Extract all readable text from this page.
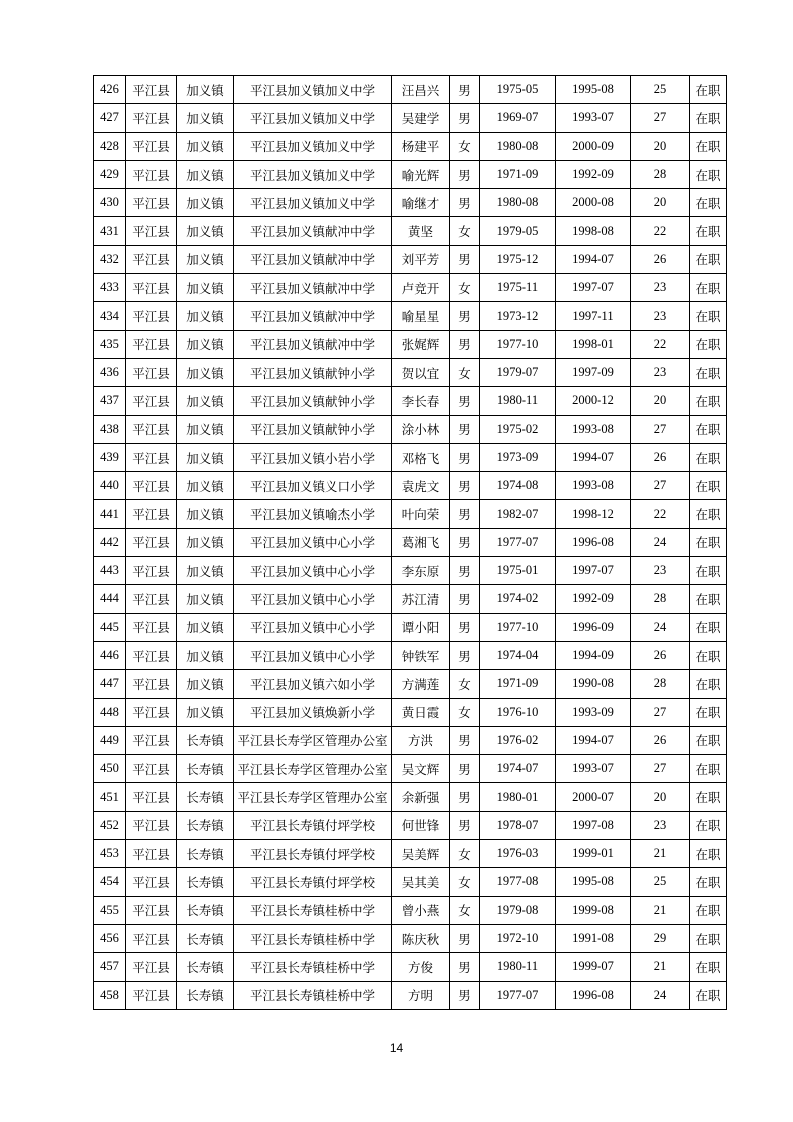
426	平江县	加义镇	平江县加义镇加义中学	汪昌兴	男	1975-05	1995-08	25	在职
427	平江县	加义镇	平江县加义镇加义中学	吴建学	男	1969-07	1993-07	27	在职
428	平江县	加义镇	平江县加义镇加义中学	杨建平	女	1980-08	2000-09	20	在职
429	平江县	加义镇	平江县加义镇加义中学	喻光辉	男	1971-09	1992-09	28	在职
430	平江县	加义镇	平江县加义镇加义中学	喻继才	男	1980-08	2000-08	20	在职
431	平江县	加义镇	平江县加义镇献冲中学	黄坚	女	1979-05	1998-08	22	在职
432	平江县	加义镇	平江县加义镇献冲中学	刘平芳	男	1975-12	1994-07	26	在职
433	平江县	加义镇	平江县加义镇献冲中学	卢竞开	女	1975-11	1997-07	23	在职
434	平江县	加义镇	平江县加义镇献冲中学	喻星星	男	1973-12	1997-11	23	在职
435	平江县	加义镇	平江县加义镇献冲中学	张娓辉	男	1977-10	1998-01	22	在职
436	平江县	加义镇	平江县加义镇献钟小学	贺以宜	女	1979-07	1997-09	23	在职
437	平江县	加义镇	平江县加义镇献钟小学	李长春	男	1980-11	2000-12	20	在职
438	平江县	加义镇	平江县加义镇献钟小学	涂小林	男	1975-02	1993-08	27	在职
439	平江县	加义镇	平江县加义镇小岩小学	邓格飞	男	1973-09	1994-07	26	在职
440	平江县	加义镇	平江县加义镇义口小学	袁虎文	男	1974-08	1993-08	27	在职
441	平江县	加义镇	平江县加义镇喻杰小学	叶向荣	男	1982-07	1998-12	22	在职
442	平江县	加义镇	平江县加义镇中心小学	葛湘飞	男	1977-07	1996-08	24	在职
443	平江县	加义镇	平江县加义镇中心小学	李东原	男	1975-01	1997-07	23	在职
444	平江县	加义镇	平江县加义镇中心小学	苏江清	男	1974-02	1992-09	28	在职
445	平江县	加义镇	平江县加义镇中心小学	谭小阳	男	1977-10	1996-09	24	在职
446	平江县	加义镇	平江县加义镇中心小学	钟铁军	男	1974-04	1994-09	26	在职
447	平江县	加义镇	平江县加义镇六如小学	方满莲	女	1971-09	1990-08	28	在职
448	平江县	加义镇	平江县加义镇焕新小学	黄日霞	女	1976-10	1993-09	27	在职
449	平江县	长寿镇	平江县长寿学区管理办公室	方洪	男	1976-02	1994-07	26	在职
450	平江县	长寿镇	平江县长寿学区管理办公室	吴文辉	男	1974-07	1993-07	27	在职
451	平江县	长寿镇	平江县长寿学区管理办公室	余新强	男	1980-01	2000-07	20	在职
452	平江县	长寿镇	平江县长寿镇付坪学校	何世锋	男	1978-07	1997-08	23	在职
453	平江县	长寿镇	平江县长寿镇付坪学校	吴美辉	女	1976-03	1999-01	21	在职
454	平江县	长寿镇	平江县长寿镇付坪学校	吴其美	女	1977-08	1995-08	25	在职
455	平江县	长寿镇	平江县长寿镇桂桥中学	曾小燕	女	1979-08	1999-08	21	在职
456	平江县	长寿镇	平江县长寿镇桂桥中学	陈庆秋	男	1972-10	1991-08	29	在职
457	平江县	长寿镇	平江县长寿镇桂桥中学	方俊	男	1980-11	1999-07	21	在职
458	平江县	长寿镇	平江县长寿镇桂桥中学	方明	男	1977-07	1996-08	24	在职
14
